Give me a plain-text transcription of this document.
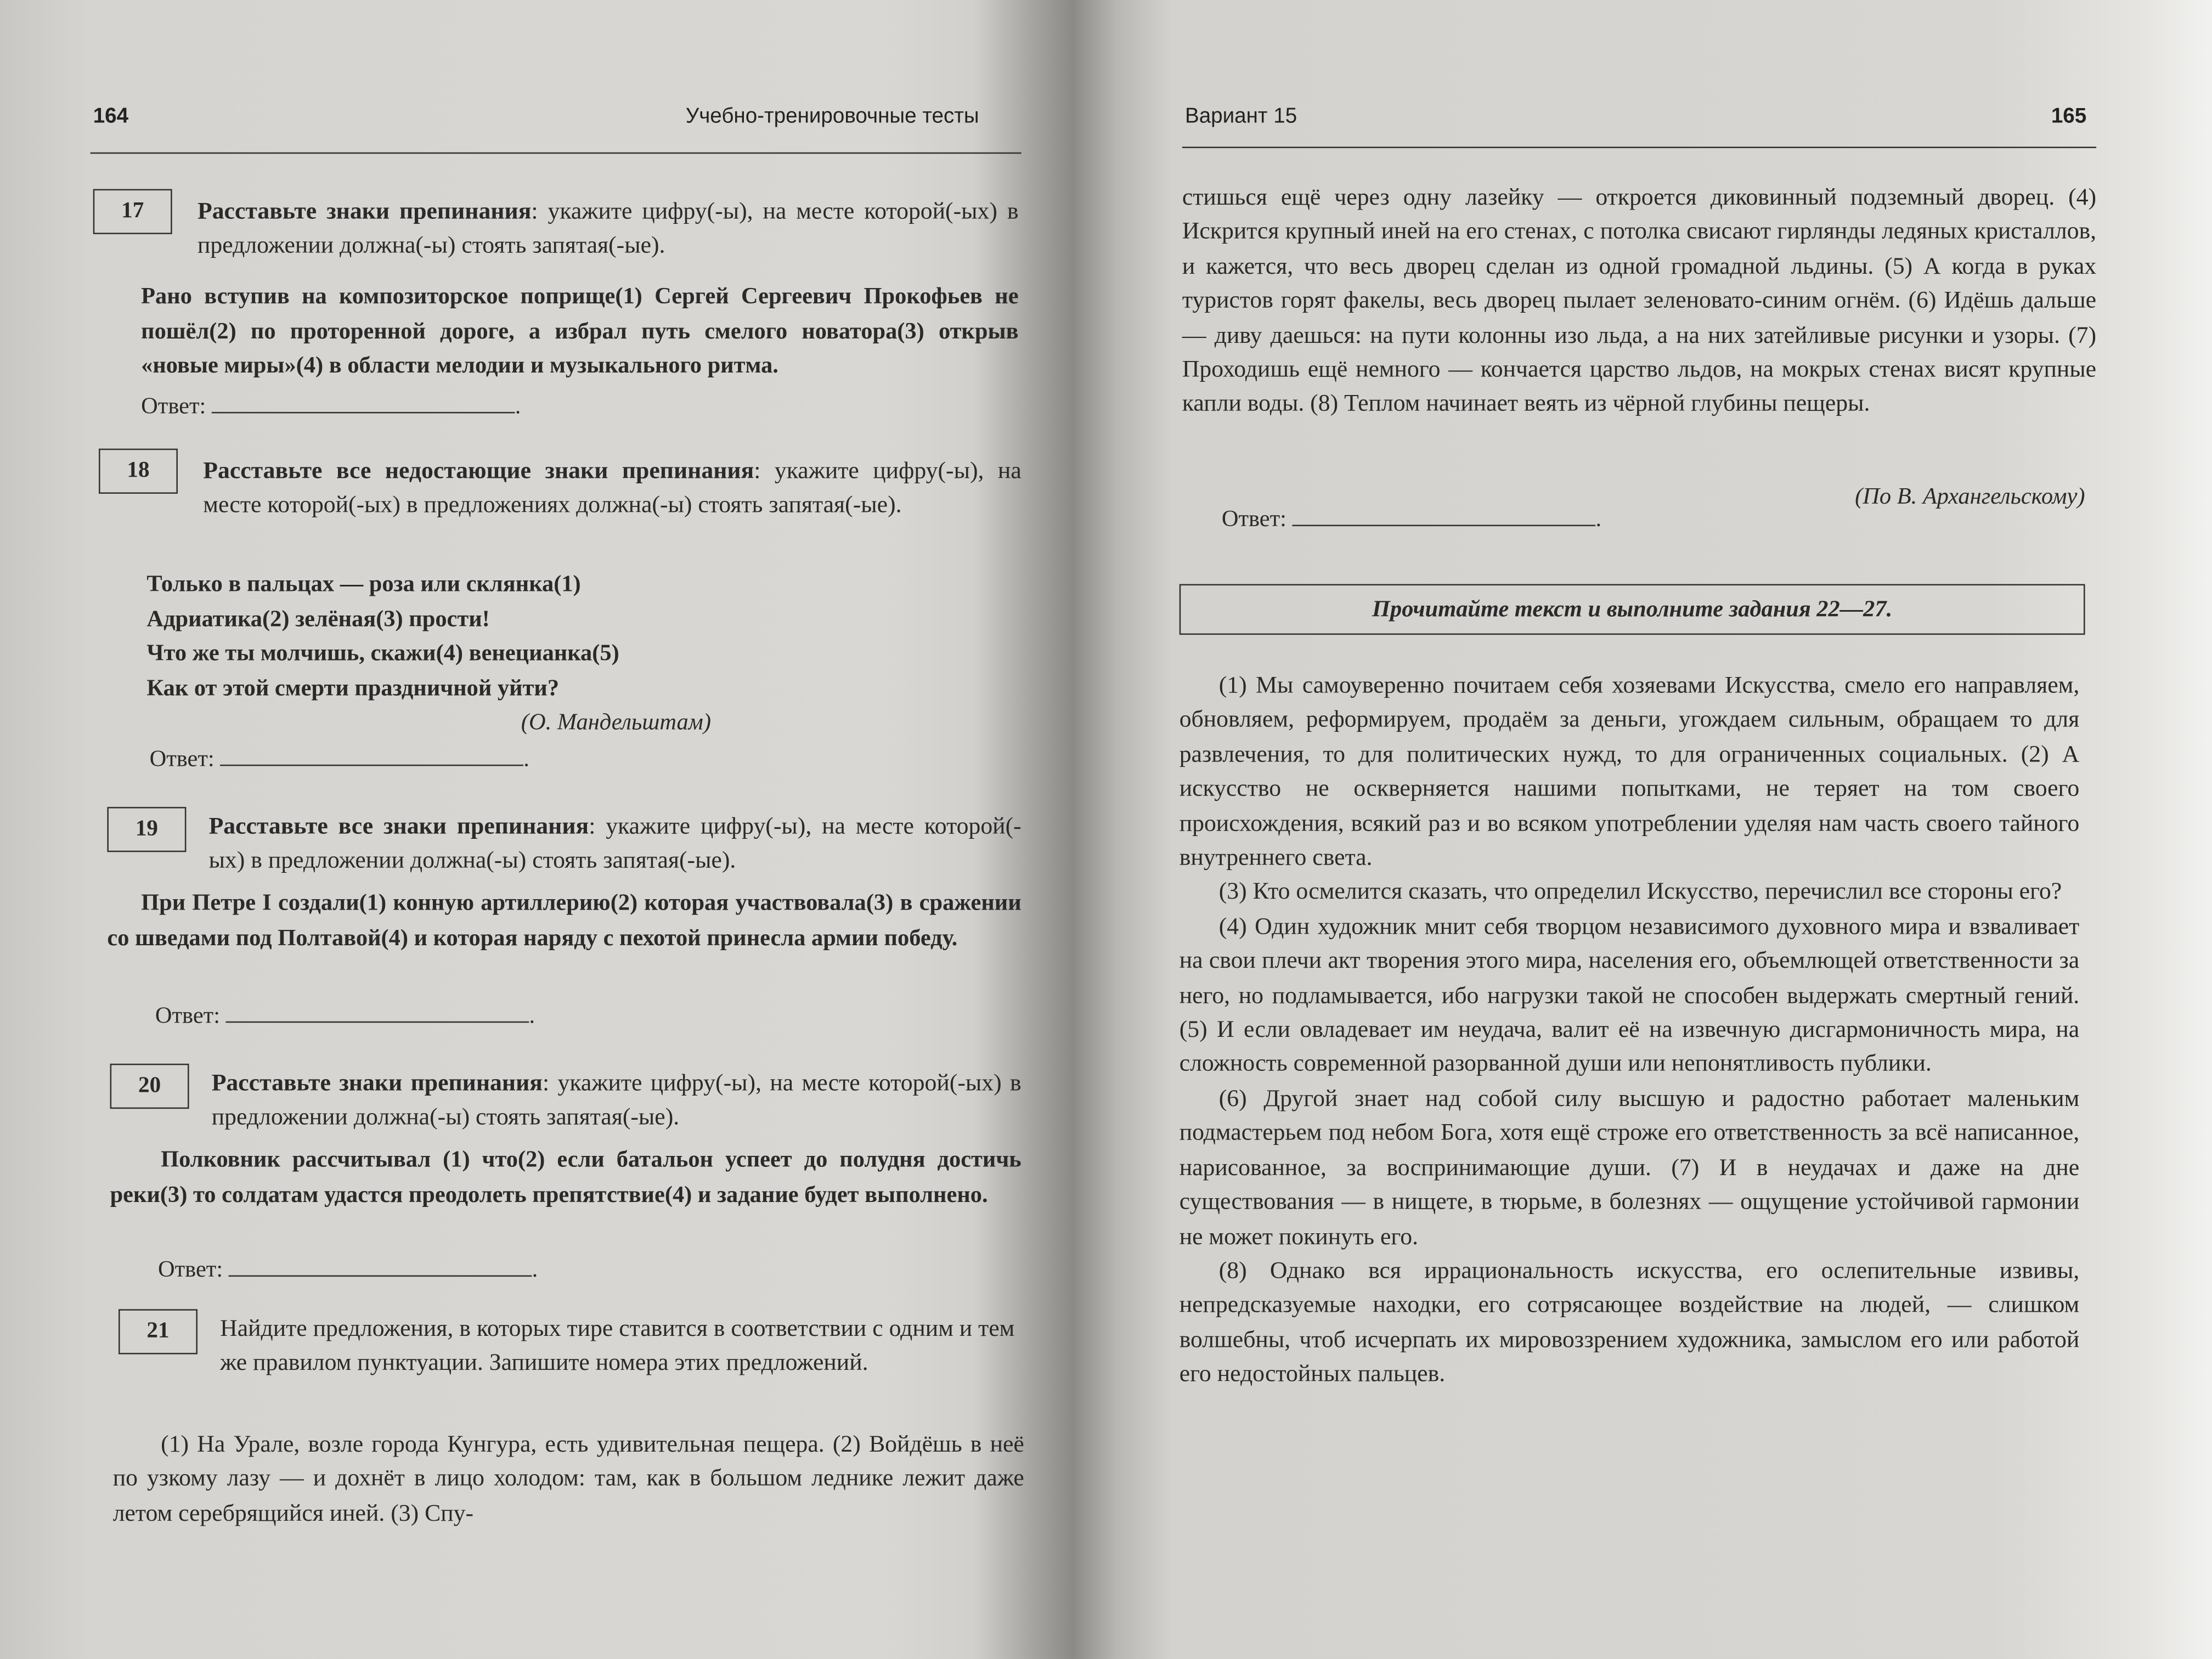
164	Учебно-тренировочные тесты
17	Расставьте знаки препинания: укажите цифру(-ы), на месте которой(-ых) в предложении должна(-ы) стоять запятая(-ые).
Рано вступив на композиторское поприще(1) Сергей Сергеевич Прокофьев не пошёл(2) по проторенной дороге, а избрал путь смелого новатора(3) открыв «новые миры»(4) в области мелодии и музыкального ритма.
Ответ:	.
18	Расставьте все недостающие знаки препинания: укажите цифру(-ы), на месте которой(-ых) в предложениях должна(-ы) стоять запятая(-ые).
Только в пальцах — роза или склянка(1)
Адриатика(2) зелёная(3) прости!
Что же ты молчишь, скажи(4) венецианка(5)
Как от этой смерти праздничной уйти?
(О. Мандельштам)
Ответ:	.
19	Расставьте все знаки препинания: укажите цифру(-ы), на месте которой(-ых) в предложении должна(-ы) стоять запятая(-ые).
При Петре I создали(1) конную артиллерию(2) которая участвовала(3) в сражении со шведами под Полтавой(4) и которая наряду с пехотой принесла армии победу.
Ответ:	.
20	Расставьте знаки препинания: укажите цифру(-ы), на месте которой(-ых) в предложении должна(-ы) стоять запятая(-ые).
Полковник рассчитывал (1) что(2) если батальон успеет до полудня достичь реки(3) то солдатам удастся преодолеть препятствие(4) и задание будет выполнено.
Ответ:	.
21	Найдите предложения, в которых тире ставится в соответствии с одним и тем же правилом пунктуации. Запишите номера этих предложений.
(1) На Урале, возле города Кунгура, есть удивительная пещера. (2) Войдёшь в неё по узкому лазу — и дохнёт в лицо холодом: там, как в большом леднике лежит даже летом серебрящийся иней. (3) Спу-
Вариант 15	165
стишься ещё через одну лазейку — откроется диковинный подземный дворец. (4) Искрится крупный иней на его стенах, с потолка свисают гирлянды ледяных кристаллов, и кажется, что весь дворец сделан из одной громадной льдины. (5) А когда в руках туристов горят факелы, весь дворец пылает зеленовато-синим огнём. (6) Идёшь дальше — диву даешься: на пути колонны изо льда, а на них затейливые рисунки и узоры. (7) Проходишь ещё немного — кончается царство льдов, на мокрых стенах висят крупные капли воды. (8) Теплом начинает веять из чёрной глубины пещеры.
(По В. Архангельскому)
Ответ:	.
Прочитайте текст и выполните задания 22—27.

(1) Мы самоуверенно почитаем себя хозяевами Искусства, смело его направляем, обновляем, реформируем, продаём за деньги, угождаем сильным, обращаем то для развлечения, то для политических нужд, то для ограниченных социальных. (2) А искусство не оскверняется нашими попытками, не теряет на том своего происхождения, всякий раз и во всяком употреблении уделяя нам часть своего тайного внутреннего света.

(3) Кто осмелится сказать, что определил Искусство, перечислил все стороны его?

(4) Один художник мнит себя творцом независимого духовного мира и взваливает на свои плечи акт творения этого мира, населения его, объемлющей ответственности за него, но подламывается, ибо нагрузки такой не способен выдержать смертный гений. (5) И если овладевает им неудача, валит её на извечную дисгармоничность мира, на сложность современной разорванной души или непонятливость публики.

(6) Другой знает над собой силу высшую и радостно работает маленьким подмастерьем под небом Бога, хотя ещё строже его ответственность за всё написанное, нарисованное, за воспринимающие души. (7) И в неудачах и даже на дне существования — в нищете, в тюрьме, в болезнях — ощущение устойчивой гармонии не может покинуть его.

(8) Однако вся иррациональность искусства, его ослепительные извивы, непредсказуемые находки, его сотрясающее воздействие на людей, — слишком волшебны, чтоб исчерпать их мировоззрением художника, замыслом его или работой его недостойных пальцев.
